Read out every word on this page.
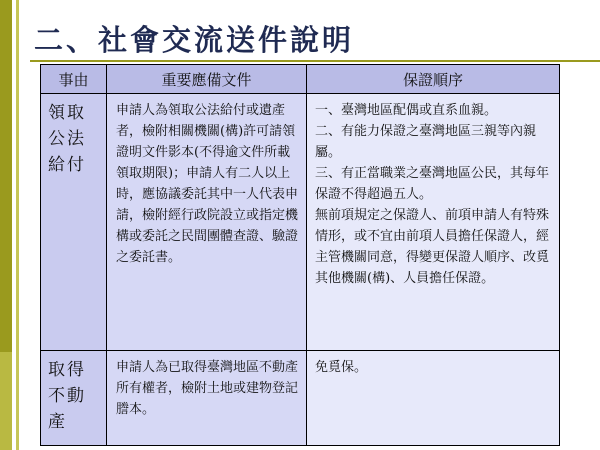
二、社會交流送件說明
事由	重要應備文件	保證順序
領取公法給付	申請人為領取公法給付或遺產者，檢附相關機關(構)許可請領證明文件影本(不得逾文件所載領取期限)；申請人有二人以上時，應協議委託其中一人代表申請，檢附經行政院設立或指定機構或委託之民間團體查證、驗證之委託書。	一、臺灣地區配偶或直系血親。
二、有能力保證之臺灣地區三親等內親屬。
三、有正當職業之臺灣地區公民，其每年保證不得超過五人。
無前項規定之保證人、前項申請人有特殊情形，或不宜由前項人員擔任保證人，經主管機關同意，得變更保證人順序、改覓其他機關(構)、人員擔任保證。

取得不動產	申請人為已取得臺灣地區不動產所有權者，檢附土地或建物登記謄本。	免覓保。
